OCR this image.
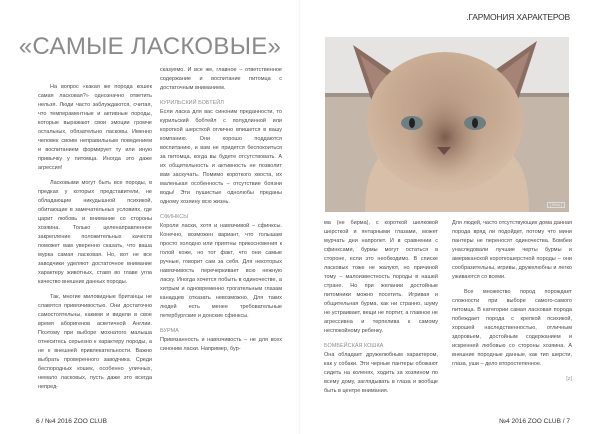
«САМЫЕ ЛАСКОВЫЕ»

На вопрос «какая же порода кошек самая ласковая?» однозначно ответить нельзя. Люди часто заблуждаются, считая, что темпераментные и активные породы, которые выражают свои эмоции громче остальных, обязательно ласковы. Именно человек своим неправильным поведением и воспитанием формирует ту или иную привычку у питомца. Иногда это даже агрессия!

Ласковыми могут быть все породы, в предках у которых представители, не обладающие никудышной психикой, обитающие в замечательных условиях, где царит любовь и внимание со стороны хозяина. Только целенаправленное закрепление положительных качеств поможет вам уверенно сказать, что ваша мурка самая ласковая. Но, вот не все заводчики уделяют достаточное внимание характеру животных, ставя во главе угла качество внешних данных породы.

Так, многие миловидные британцы не славятся привязчивостью. Они достаточно самостоятельны, какими и видели в свое время аборигенов аскетичной Англии. Поэтому при выборе мохнатого малыша отнеситесь серьезно к характеру породы, а не к внешней привлекательности. Важно выбрать проверенного заводчика. Среди беспородных кошек, особенно уличных, немало ласковых, пусть даже это всегда непред-

сказуемо. И все же, главное – ответственное содержание и воспитание питомца с достаточным вниманием.

КУРИЛЬСКИЙ БОБТЕЙЛ

Если ласка для вас синоним преданности, то курильский бобтейл с полудлинной или короткой шерсткой отлично впишется в вашу компанию. Они хорошо поддаются воспитанию, и вам не придется беспокоиться за питомца, когда вы будете отсутствовать. А их общительность и активность не позволит вам заскучать. Помимо короткого хвоста, их маленькая особенность – отсутствие боязни воды! Эти пушистые однолюбы преданы одному хозяину всю жизнь.

СФИНКСЫ

Короли ласки, хотя и навязчивой – сфинксы. Конечно, возможен вариант, что голышам просто холодно или приятны прикосновения к голой коже, но тот факт, что они самые ручные, говорит сам за себя. Для некоторых навязчивость перечеркивает всю нежную ласку. Иногда хочется побыть в одиночестве, а хитрым и одновременно трогательным глазам канадцев отказать невозможно. Для таких людей есть менее требовательные петербургские и донские сфинксы.

БУРМА

Привязанность и навязчивость – не для всех синоним ласки. Например, бур-

6 / №4 2016 ZOO CLUB
.ГАРМОНИЯ ХАРАКТЕРОВ
[ Фото ]

ма (не бирма), с короткой шелковой шерсткой и янтарными глазами, может мурчать дни напролет. И в сравнении с сфинксами, бурмы могут остаться в стороне, если это необходимо. В списке ласковых тоже не жалуют, но причиной тому – малоизвестность породы в нашей стране. Но при желании достойные питомники можно посетить. Игривая и общительная бурма, как ни странно, шуму не устраивает, вещи не портит, а главное не агрессивна и терпелива к самому неспокойному ребенку.

БОМБЕЙСКАЯ КОШКА

Она обладает дружелюбным характером, как у собаки. Эти черные пантеры обожают сидеть на коленях, ходить за хозяином по всему дому, заглядывать в глаза и вообще быть в центре внимания.

Для людей, часто отсутствующих дома данная порода вряд ли подойдет, потому что мини пантеры не переносят одиночества. Бомбеи унаследовали лучшие черты бурмы и американской короткошерстной породы – они сообразительны, игривы, дружелюбны и легко уживаются со всеми.

Все множество пород порождает сложности при выборе самого-самого питомца. В категории самая ласковая порода побеждает порода с крепкой психикой, хорошей наследственностью, отличным здоровьем, достойным содержанием и искренней любовью со стороны хозяина. А внешние породные данные, как тип шерсти, глаза, уши – дело второстепенное.

[z]
№4 2016 ZOO CLUB / 7
